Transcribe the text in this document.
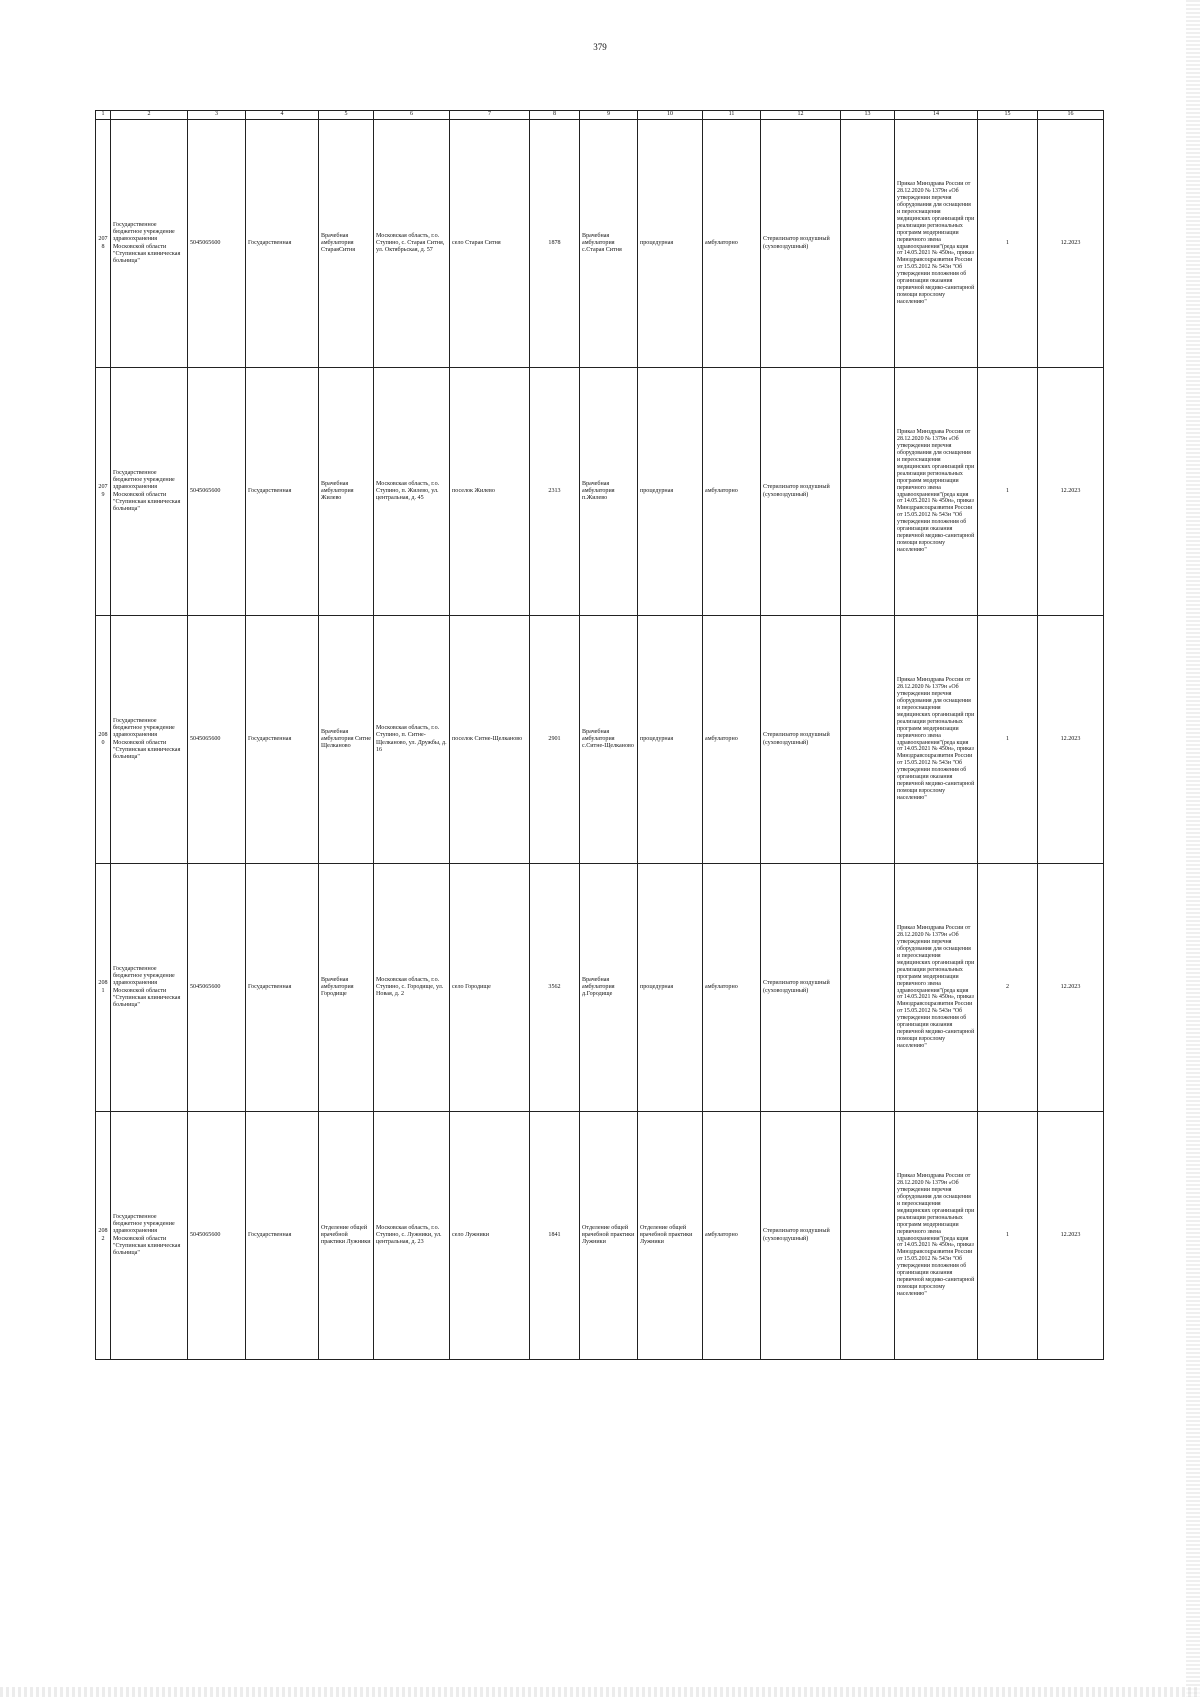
379
1	2	3	4	5	6	7	8	9	10	11	12	13	14	15	16
2078	Государственное бюджетное учреждение здравоохранения Московской области "Ступинская клиническая больница"	5045065600	Государственная	Врачебная амбулатория СтараяСитня	Московская область, г.о. Ступино, с. Старая Ситня, ул. Октябрьская, д. 57	село Старая Ситня	1878	Врачебная амбулатория с.Старая Ситня	процедурная	амбулаторно	Стерилизатор воздушный (суховоздушный)		Приказ Минздрава России от 28.12.2020 № 1379н «Об утверждении перечня оборудования для оснащения и переоснащения медицинских организаций при реализации региональных программ модернизации первичного звена здравоохранения"(реда кция от 14.05.2021 № 450н», приказ Минздравсоцразвития России от 15.05.2012 № 543н "Об утверждении положения об организации оказания первичной медико-санитарной помощи взрослому населению"	1	12.2023
2079	Государственное бюджетное учреждение здравоохранения Московской области "Ступинская клиническая больница"	5045065600	Государственная	Врачебная амбулатория Жилево	Московская область, г.о. Ступино, п. Жилево, ул. центральная, д. 45	поселок Жилево	2313	Врачебная амбулатория п.Жилево	процедурная	амбулаторно	Стерилизатор воздушный (суховоздушный)		Приказ Минздрава России от 28.12.2020 № 1379н «Об утверждении перечня оборудования для оснащения и переоснащения медицинских организаций при реализации региональных программ модернизации первичного звена здравоохранения"(реда кция от 14.05.2021 № 450н», приказ Минздравсоцразвития России от 15.05.2012 № 543н "Об утверждении положения об организации оказания первичной медико-санитарной помощи взрослому населению"	1	12.2023
2080	Государственное бюджетное учреждение здравоохранения Московской области "Ступинская клиническая больница"	5045065600	Государственная	Врачебная амбулатория Ситне Щелканово	Московская область, г.о. Ступино, п. Ситне-Щелканово, ул. Дружбы, д. 16	поселок Ситне-Щелканово	2901	Врачебная амбулатория с.Ситне-Щелканово	процедурная	амбулаторно	Стерилизатор воздушный (суховоздушный)		Приказ Минздрава России от 28.12.2020 № 1379н «Об утверждении перечня оборудования для оснащения и переоснащения медицинских организаций при реализации региональных программ модернизации первичного звена здравоохранения"(реда кция от 14.05.2021 № 450н», приказ Минздравсоцразвития России от 15.05.2012 № 543н "Об утверждении положения об организации оказания первичной медико-санитарной помощи взрослому населению"	1	12.2023
2081	Государственное бюджетное учреждение здравоохранения Московской области "Ступинская клиническая больница"	5045065600	Государственная	Врачебная амбулатория Городище	Московская область, г.о. Ступино, с. Городище, ул. Новая, д. 2	село Городище	3562	Врачебная амбулатория д.Городище	процедурная	амбулаторно	Стерилизатор воздушный (суховоздушный)		Приказ Минздрава России от 28.12.2020 № 1379н «Об утверждении перечня оборудования для оснащения и переоснащения медицинских организаций при реализации региональных программ модернизации первичного звена здравоохранения"(реда кция от 14.05.2021 № 450н», приказ Минздравсоцразвития России от 15.05.2012 № 543н "Об утверждении положения об организации оказания первичной медико-санитарной помощи взрослому населению"	2	12.2023
2082	Государственное бюджетное учреждение здравоохранения Московской области "Ступинская клиническая больница"	5045065600	Государственная	Отделение общей врачебной практики Лужники	Московская область, г.о. Ступино, с. Лужники, ул. центральная, д. 23	село Лужники	1841	Отделение общей врачебной практики Лужники	Отделение общей врачебной практики Лужники	амбулаторно	Стерилизатор воздушный (суховоздушный)		Приказ Минздрава России от 28.12.2020 № 1379н «Об утверждении перечня оборудования для оснащения и переоснащения медицинских организаций при реализации региональных программ модернизации первичного звена здравоохранения"(реда кция от 14.05.2021 № 450н», приказ Минздравсоцразвития России от 15.05.2012 № 543н "Об утверждении положения об организации оказания первичной медико-санитарной помощи взрослому населению"	1	12.2023
